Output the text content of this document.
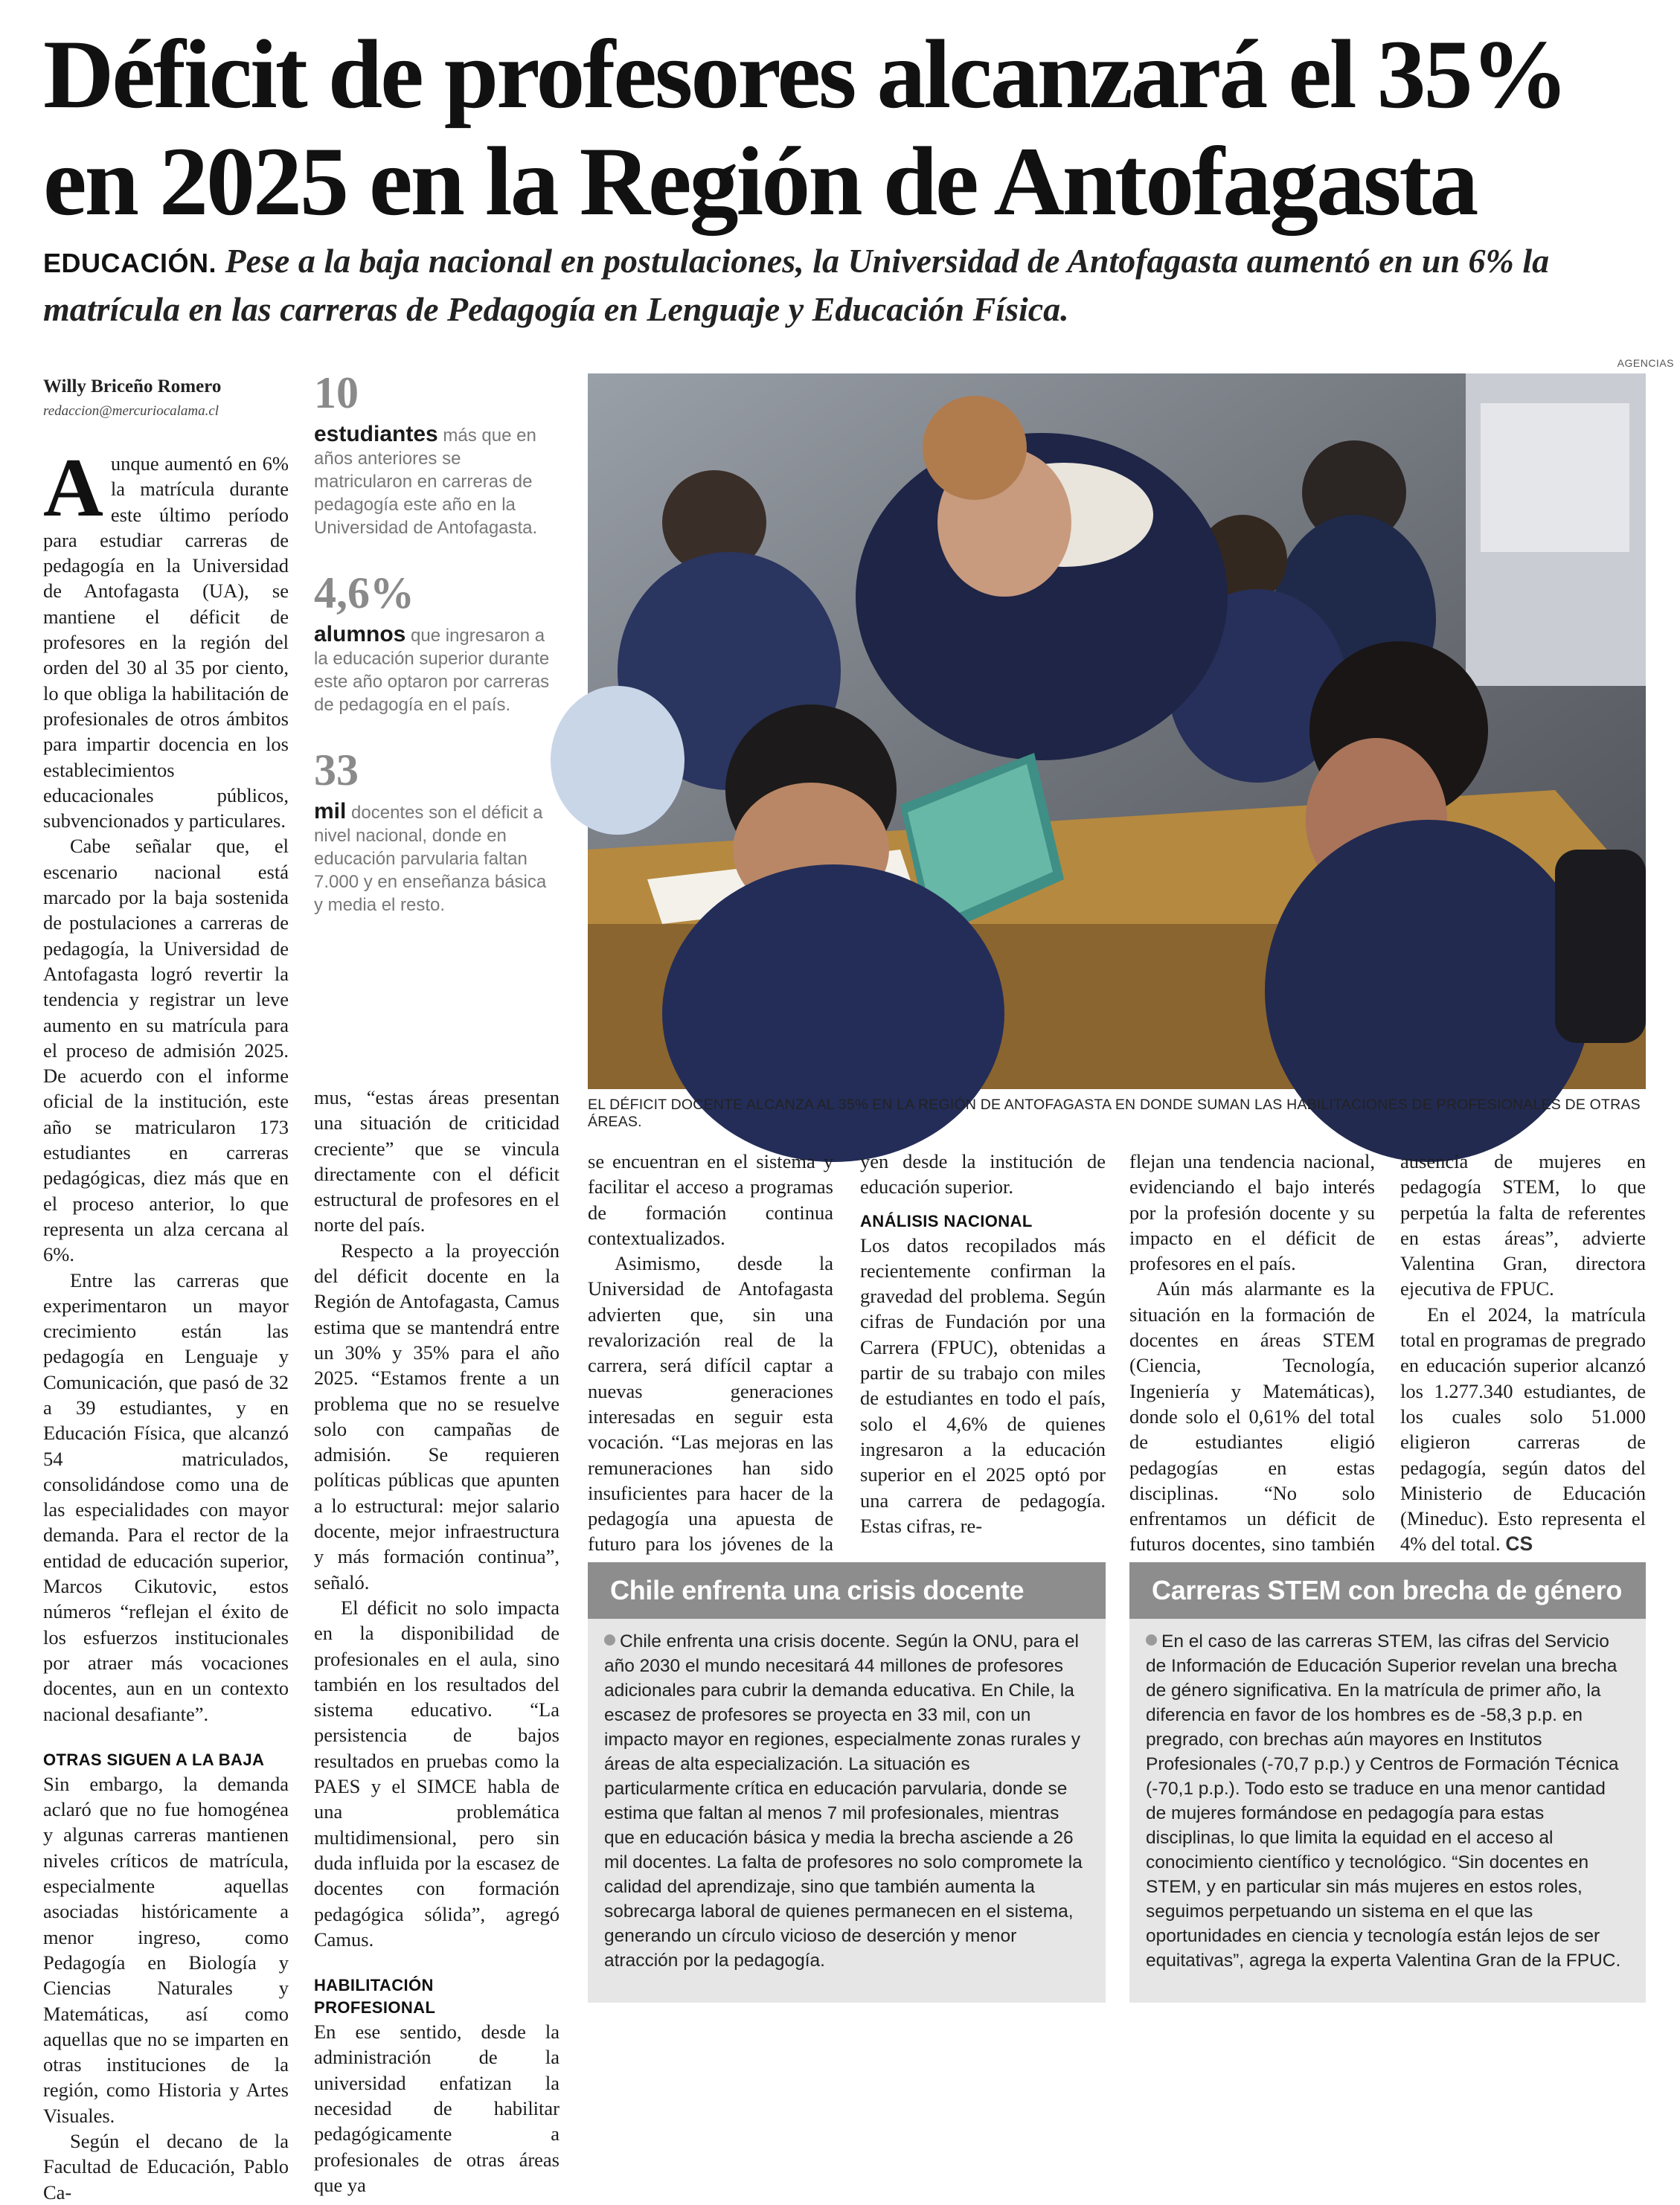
Déficit de profesores alcanzará el 35%
en 2025 en la Región de Antofagasta
EDUCACIÓN. Pese a la baja nacional en postulaciones, la Universidad de Antofagasta aumentó en un 6% la matrícula en las carreras de Pedagogía en Lenguaje y Educación Física.
Willy Briceño Romero
redaccion@mercuriocalama.cl

Aunque aumentó en 6% la matrícula durante este último período para estudiar carreras de pedagogía en la Universidad de Antofagasta (UA), se mantiene el déficit de profesores en la región del orden del 30 al 35 por ciento, lo que obliga la habilitación de profesionales de otros ámbitos para impartir docencia en los establecimientos educacionales públicos, subvencionados y particulares.

Cabe señalar que, el escenario nacional está marcado por la baja sostenida de postulaciones a carreras de pedagogía, la Universidad de Antofagasta logró revertir la tendencia y registrar un leve aumento en su matrícula para el proceso de admisión 2025. De acuerdo con el informe oficial de la institución, este año se matricularon 173 estudiantes en carreras pedagógicas, diez más que en el proceso anterior, lo que representa un alza cercana al 6%.

Entre las carreras que experimentaron un mayor crecimiento están las pedagogía en Lenguaje y Comunicación, que pasó de 32 a 39 estudiantes, y en Educación Física, que alcanzó 54 matriculados, consolidándose como una de las especialidades con mayor demanda. Para el rector de la entidad de educación superior, Marcos Cikutovic, estos números “reflejan el éxito de los esfuerzos institucionales por atraer más vocaciones docentes, aun en un contexto nacional desafiante”.

OTRAS SIGUEN A LA BAJA

Sin embargo, la demanda aclaró que no fue homogénea y algunas carreras mantienen niveles críticos de matrícula, especialmente aquellas asociadas históricamente a menor ingreso, como Pedagogía en Biología y Ciencias Naturales y Matemáticas, así como aquellas que no se imparten en otras instituciones de la región, como Historia y Artes Visuales.

Según el decano de la Facultad de Educación, Pablo Ca-

10
estudiantes más que en años anteriores se matricularon en carreras de pedagogía este año en la Universidad de Antofagasta.
4,6%
alumnos que ingresaron a la educación superior durante este año optaron por carreras de pedagogía en el país.
33
mil docentes son el déficit a nivel nacional, donde en educación parvularia faltan 7.000 y en enseñanza básica y media el resto.
AGENCIAS
EL DÉFICIT DOCENTE ALCANZA AL 35% EN LA REGIÓN DE ANTOFAGASTA EN DONDE SUMAN LAS HABILITACIONES DE PROFESIONALES DE OTRAS ÁREAS.

mus, “estas áreas presentan una situación de criticidad creciente” que se vincula directamente con el déficit estructural de profesores en el norte del país.

Respecto a la proyección del déficit docente en la Región de Antofagasta, Camus estima que se mantendrá entre un 30% y 35% para el año 2025. “Estamos frente a un problema que no se resuelve solo con campañas de admisión. Se requieren políticas públicas que apunten a lo estructural: mejor salario docente, mejor infraestructura y más formación continua”, señaló.

El déficit no solo impacta en la disponibilidad de profesionales en el aula, sino también en los resultados del sistema educativo. “La persistencia de bajos resultados en pruebas como la PAES y el SIMCE habla de una problemática multidimensional, pero sin duda influida por la escasez de docentes con formación pedagógica sólida”, agregó Camus.

HABILITACIÓN PROFESIONAL

En ese sentido, desde la administración de la universidad enfatizan la necesidad de habilitar pedagógicamente a profesionales de otras áreas que ya

se encuentran en el sistema y facilitar el acceso a programas de formación continua contextualizados.

Asimismo, desde la Universidad de Antofagasta advierten que, sin una revalorización real de la carrera, será difícil captar a nuevas generaciones interesadas en seguir esta vocación. “Las mejoras en las remuneraciones han sido insuficientes para hacer de la pedagogía una apuesta de futuro para los jóvenes de la

yen desde la institución de educación superior.

ANÁLISIS NACIONAL

Los datos recopilados más recientemente confirman la gravedad del problema. Según cifras de Fundación por una Carrera (FPUC), obtenidas a partir de su trabajo con miles de estudiantes en todo el país, solo el 4,6% de quienes ingresaron a la educación superior en el 2025 optó por una carrera de pedagogía. Estas cifras, re-

flejan una tendencia nacional, evidenciando el bajo interés por la profesión docente y su impacto en el déficit de profesores en el país.

Aún más alarmante es la situación en la formación de docentes en áreas STEM (Ciencia, Tecnología, Ingeniería y Matemáticas), donde solo el 0,61% del total de estudiantes eligió pedagogías en estas disciplinas. “No solo enfrentamos un déficit de futuros docentes, sino también

ausencia de mujeres en pedagogía STEM, lo que perpetúa la falta de referentes en estas áreas”, advierte Valentina Gran, directora ejecutiva de FPUC.

En el 2024, la matrícula total en programas de pregrado en educación superior alcanzó los 1.277.340 estudiantes, de los cuales solo 51.000 eligieron carreras de pedagogía, según datos del Ministerio de Educación (Mineduc). Esto representa el 4% del total. CS

Chile enfrenta una crisis docente
Chile enfrenta una crisis docente. Según la ONU, para el año 2030 el mundo necesitará 44 millones de profesores adicionales para cubrir la demanda educativa. En Chile, la escasez de profesores se proyecta en 33 mil, con un impacto mayor en regiones, especialmente zonas rurales y áreas de alta especialización. La situación es particularmente crítica en educación parvularia, donde se estima que faltan al menos 7 mil profesionales, mientras que en educación básica y media la brecha asciende a 26 mil docentes. La falta de profesores no solo compromete la calidad del aprendizaje, sino que también aumenta la sobrecarga laboral de quienes permanecen en el sistema, generando un círculo vicioso de deserción y menor atracción por la pedagogía.
Carreras STEM con brecha de género
En el caso de las carreras STEM, las cifras del Servicio de Información de Educación Superior revelan una brecha de género significativa. En la matrícula de primer año, la diferencia en favor de los hombres es de -58,3 p.p. en pregrado, con brechas aún mayores en Institutos Profesionales (-70,7 p.p.) y Centros de Formación Técnica (-70,1 p.p.). Todo esto se traduce en una menor cantidad de mujeres formándose en pedagogía para estas disciplinas, lo que limita la equidad en el acceso al conocimiento científico y tecnológico. “Sin docentes en STEM, y en particular sin más mujeres en estos roles, seguimos perpetuando un sistema en el que las oportunidades en ciencia y tecnología están lejos de ser equitativas”, agrega la experta Valentina Gran de la FPUC.
